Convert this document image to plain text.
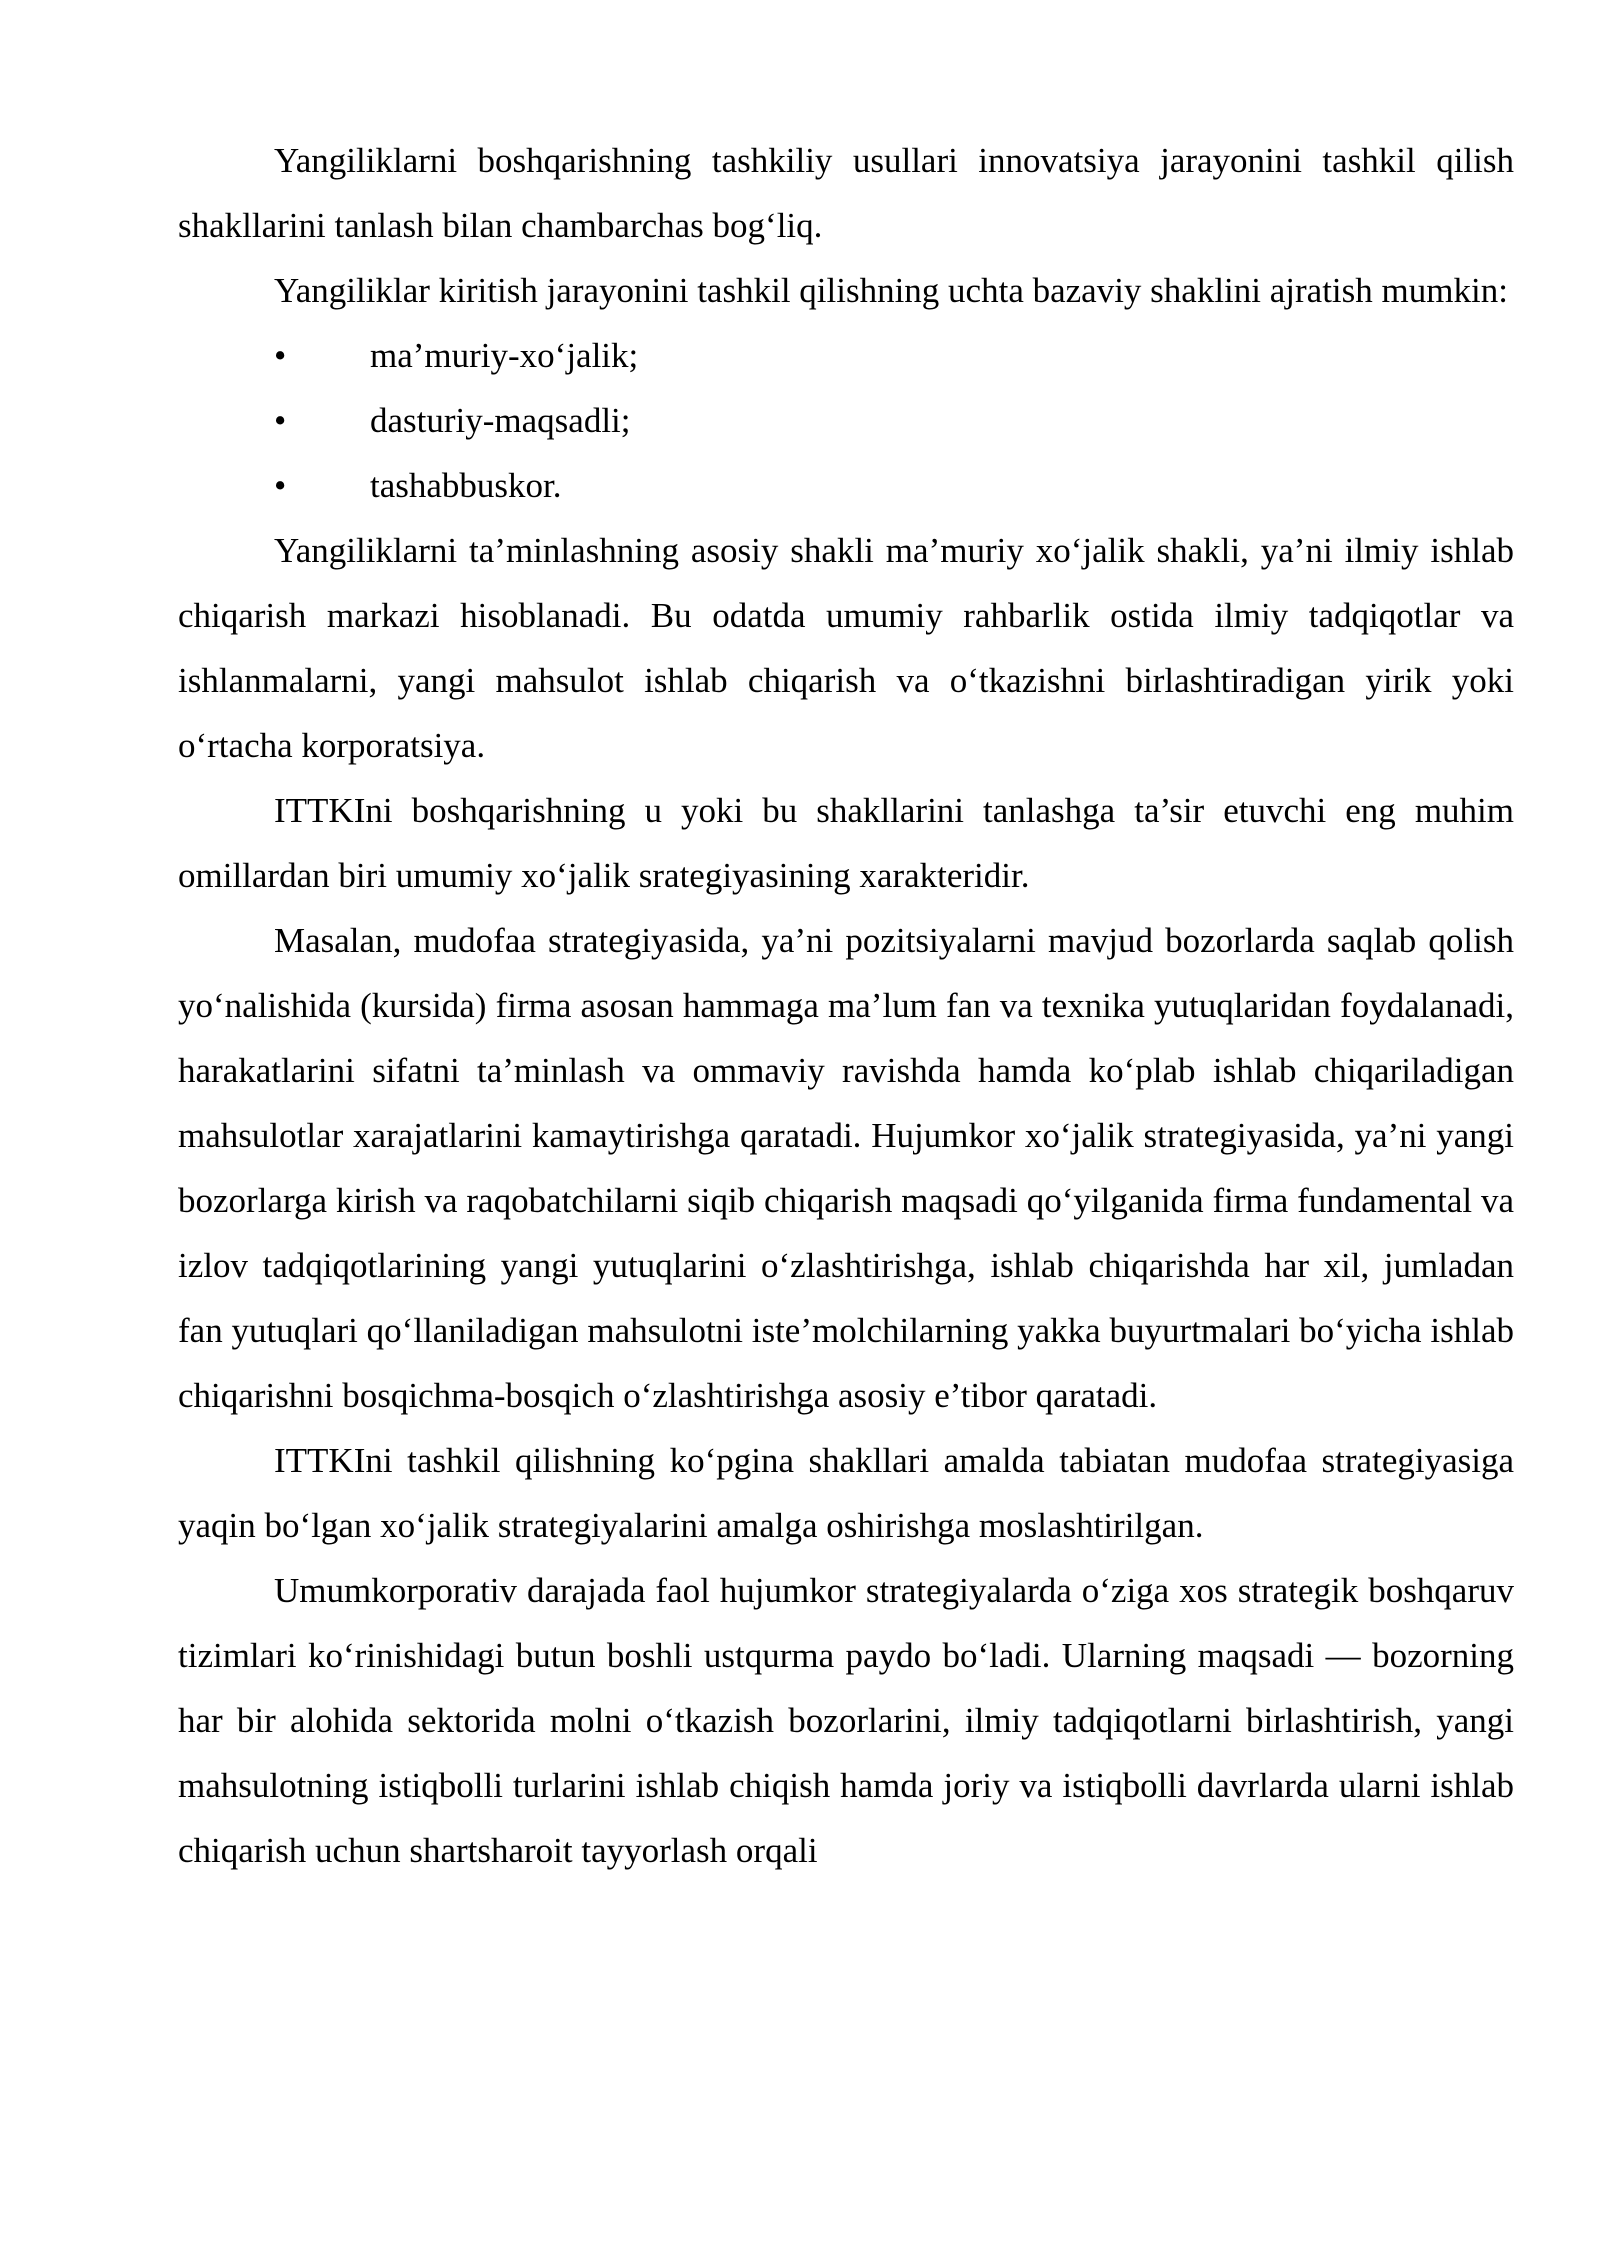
Yangiliklarni boshqarishning tashkiliy usullari innovatsiya jarayonini tashkil qilish shakllarini tanlash bilan chambarchas bog‘liq.

Yangiliklar kiritish jarayonini tashkil qilishning uchta bazaviy shaklini ajratish mumkin:

•	ma’muriy-xo‘jalik;
•	dasturiy-maqsadli;
•	tashabbuskor.

Yangiliklarni ta’minlashning asosiy shakli ma’muriy xo‘jalik shakli, ya’ni ilmiy ishlab chiqarish markazi hisoblanadi. Bu odatda umumiy rahbarlik ostida ilmiy tadqiqotlar va ishlanmalarni, yangi mahsulot ishlab chiqarish va o‘tkazishni birlashtiradigan yirik yoki o‘rtacha korporatsiya.

ITTKIni boshqarishning u yoki bu shakllarini tanlashga ta’sir etuvchi eng muhim omillardan biri umumiy xo‘jalik srategiyasining xarakteridir.

Masalan, mudofaa strategiyasida, ya’ni pozitsiyalarni mavjud bozorlarda saqlab qolish yo‘nalishida (kursida) firma asosan hammaga ma’lum fan va texnika yutuqlaridan foydalanadi, harakatlarini sifatni ta’minlash va ommaviy ravishda hamda ko‘plab ishlab chiqariladigan mahsulotlar xarajatlarini kamaytirishga qaratadi. Hujumkor xo‘jalik strategiyasida, ya’ni yangi bozorlarga kirish va raqobatchilarni siqib chiqarish maqsadi qo‘yilganida firma fundamental va izlov tadqiqotlarining yangi yutuqlarini o‘zlashtirishga, ishlab chiqarishda har xil, jumladan fan yutuqlari qo‘llaniladigan mahsulotni iste’molchilarning yakka buyurtmalari bo‘yicha ishlab chiqarishni bosqichma-bosqich o‘zlashtirishga asosiy e’tibor qaratadi.

ITTKIni tashkil qilishning ko‘pgina shakllari amalda tabiatan mudofaa strategiyasiga yaqin bo‘lgan xo‘jalik strategiyalarini amalga oshirishga moslashtirilgan.

Umumkorporativ darajada faol hujumkor strategiyalarda o‘ziga xos strategik boshqaruv tizimlari ko‘rinishidagi butun boshli ustqurma paydo bo‘ladi. Ularning maqsadi — bozorning har bir alohida sektorida molni o‘tkazish bozorlarini, ilmiy tadqiqotlarni birlashtirish, yangi mahsulotning istiqbolli turlarini ishlab chiqish hamda joriy va istiqbolli davrlarda ularni ishlab chiqarish uchun shartsharoit tayyorlash orqali
